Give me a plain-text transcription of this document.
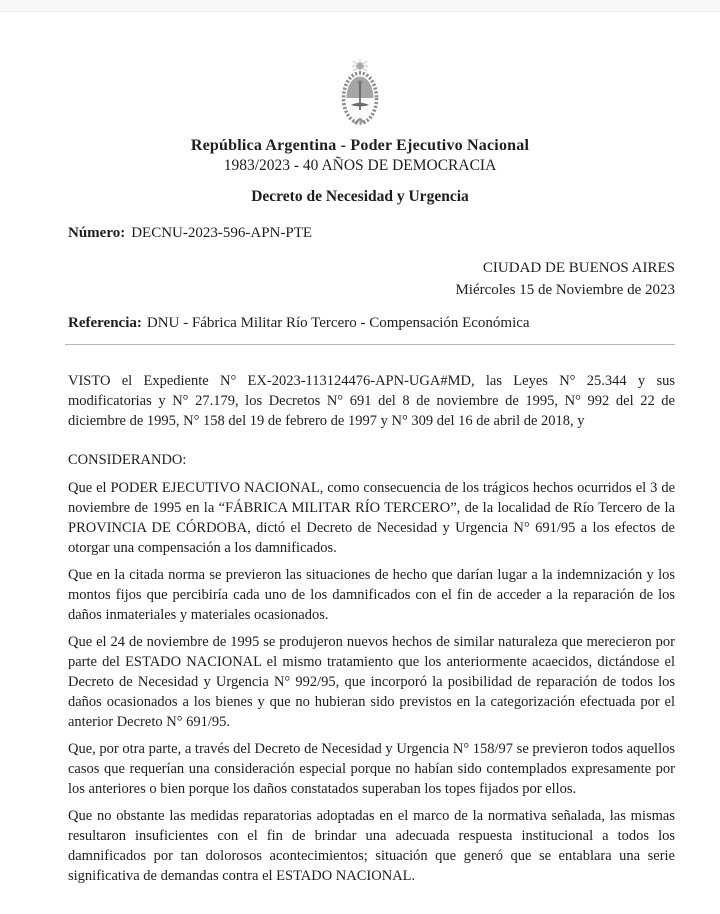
República Argentina - Poder Ejecutivo Nacional
1983/2023 - 40 AÑOS DE DEMOCRACIA
Decreto de Necesidad y Urgencia
Número: DECNU-2023-596-APN-PTE
CIUDAD DE BUENOS AIRES
Miércoles 15 de Noviembre de 2023
Referencia: DNU - Fábrica Militar Río Tercero - Compensación Económica

VISTO el Expediente N° EX-2023-113124476-APN-UGA#MD, las Leyes N° 25.344 y sus modificatorias y N° 27.179, los Decretos N° 691 del 8 de noviembre de 1995, N° 992 del 22 de diciembre de 1995, N° 158 del 19 de febrero de 1997 y N° 309 del 16 de abril de 2018, y

CONSIDERANDO:

Que el PODER EJECUTIVO NACIONAL, como consecuencia de los trágicos hechos ocurridos el 3 de noviembre de 1995 en la “FÁBRICA MILITAR RÍO TERCERO”, de la localidad de Río Tercero de la PROVINCIA DE CÓRDOBA, dictó el Decreto de Necesidad y Urgencia N° 691/95 a los efectos de otorgar una compensación a los damnificados.

Que en la citada norma se previeron las situaciones de hecho que darían lugar a la indemnización y los montos fijos que percibiría cada uno de los damnificados con el fin de acceder a la reparación de los daños inmateriales y materiales ocasionados.

Que el 24 de noviembre de 1995 se produjeron nuevos hechos de similar naturaleza que merecieron por parte del ESTADO NACIONAL el mismo tratamiento que los anteriormente acaecidos, dictándose el Decreto de Necesidad y Urgencia N° 992/95, que incorporó la posibilidad de reparación de todos los daños ocasionados a los bienes y que no hubieran sido previstos en la categorización efectuada por el anterior Decreto N° 691/95.

Que, por otra parte, a través del Decreto de Necesidad y Urgencia N° 158/97 se previeron todos aquellos casos que requerían una consideración especial porque no habían sido contemplados expresamente por los anteriores o bien porque los daños constatados superaban los topes fijados por ellos.

Que no obstante las medidas reparatorias adoptadas en el marco de la normativa señalada, las mismas resultaron insuficientes con el fin de brindar una adecuada respuesta institucional a todos los damnificados por tan dolorosos acontecimientos; situación que generó que se entablara una serie significativa de demandas contra el ESTADO NACIONAL.
